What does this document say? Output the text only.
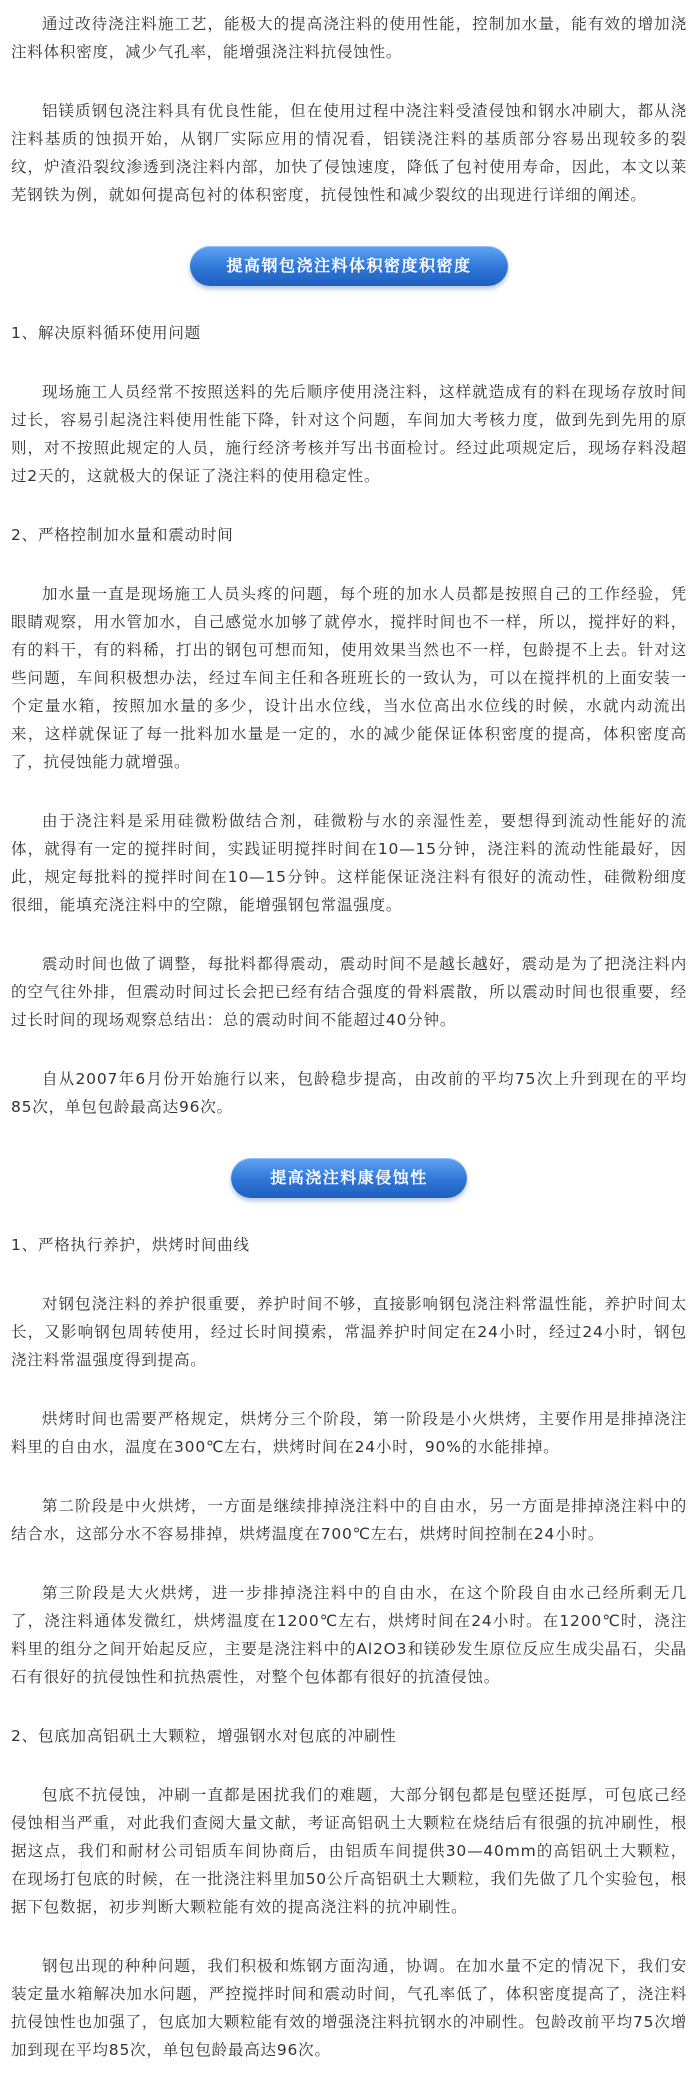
通过改待浇注料施工艺，能极大的提高浇注料的使用性能，控制加水量，能有效的增加浇注料体积密度，减少气孔率，能增强浇注料抗侵蚀性。

铝镁质钢包浇注料具有优良性能，但在使用过程中浇注料受渣侵蚀和钢水冲刷大，都从浇注料基质的蚀损开始，从钢厂实际应用的情况看，铝镁浇注料的基质部分容易出现较多的裂纹，炉渣沿裂纹渗透到浇注料内部，加快了侵蚀速度，降低了包衬使用寿命，因此，本文以莱芜钢铁为例，就如何提高包衬的体积密度，抗侵蚀性和减少裂纹的出现进行详细的阐述。

提高钢包浇注料体积密度积密度

1、解决原料循环使用问题

现场施工人员经常不按照送料的先后顺序使用浇注料，这样就造成有的料在现场存放时间过长，容易引起浇注料使用性能下降，针对这个问题，车间加大考核力度，做到先到先用的原则，对不按照此规定的人员，施行经济考核并写出书面检讨。经过此项规定后，现场存料没超过2天的，这就极大的保证了浇注料的使用稳定性。

2、严格控制加水量和震动时间

加水量一直是现场施工人员头疼的问题，每个班的加水人员都是按照自己的工作经验，凭眼睛观察，用水管加水，自己感觉水加够了就停水，搅拌时间也不一样，所以，搅拌好的料，有的料干，有的料稀，打出的钢包可想而知，使用效果当然也不一样，包龄提不上去。针对这些问题，车间积极想办法，经过车间主任和各班班长的一致认为，可以在搅拌机的上面安装一个定量水箱，按照加水量的多少，设计出水位线，当水位高出水位线的时候，水就内动流出来，这样就保证了每一批料加水量是一定的，水的减少能保证体积密度的提高，体积密度高了，抗侵蚀能力就增强。

由于浇注料是采用硅微粉做结合剂，硅微粉与水的亲湿性差，要想得到流动性能好的流体，就得有一定的搅拌时间，实践证明搅拌时间在10—15分钟，浇注料的流动性能最好，因此，规定每批料的搅拌时间在10—15分钟。这样能保证浇注料有很好的流动性，硅微粉细度很细，能填充浇注料中的空隙，能增强钢包常温强度。

震动时间也做了调整，每批料都得震动，震动时间不是越长越好，震动是为了把浇注料内的空气往外排，但震动时间过长会把已经有结合强度的骨料震散，所以震动时间也很重要，经过长时间的现场观察总结出：总的震动时间不能超过40分钟。

自从2007年6月份开始施行以来，包龄稳步提高，由改前的平均75次上升到现在的平均85次，单包包龄最高达96次。

提高浇注料康侵蚀性

1、严格执行养护，烘烤时间曲线

对钢包浇注料的养护很重要，养护时间不够，直接影响钢包浇注料常温性能，养护时间太长，又影响钢包周转使用，经过长时间摸索，常温养护时间定在24小时，经过24小时，钢包浇注料常温强度得到提高。

烘烤时间也需要严格规定，烘烤分三个阶段，第一阶段是小火烘烤，主要作用是排掉浇注料里的自由水，温度在300℃左右，烘烤时间在24小时，90%的水能排掉。

第二阶段是中火烘烤，一方面是继续排掉浇注料中的自由水，另一方面是排掉浇注料中的结合水，这部分水不容易排掉，烘烤温度在700℃左右，烘烤时间控制在24小时。

第三阶段是大火烘烤，进一步排掉浇注料中的自由水，在这个阶段自由水己经所剩无几了，浇注料通体发微红，烘烤温度在1200℃左右，烘烤时间在24小时。在1200℃时，浇注料里的组分之间开始起反应，主要是浇注料中的Al2O3和镁砂发生原位反应生成尖晶石，尖晶石有很好的抗侵蚀性和抗热震性，对整个包体都有很好的抗渣侵蚀。

2、包底加高铝矾土大颗粒，增强钢水对包底的冲刷性

包底不抗侵蚀，冲刷一直都是困扰我们的难题，大部分钢包都是包壁还挺厚，可包底己经侵蚀相当严重，对此我们查阅大量文献，考证高铝矾土大颗粒在烧结后有很强的抗冲刷性，根据这点，我们和耐材公司铝质车间协商后，由铝质车间提供30—40mm的高铝矾土大颗粒，在现场打包底的时候，在一批浇注料里加50公斤高铝矾土大颗粒，我们先做了几个实验包，根据下包数据，初步判断大颗粒能有效的提高浇注料的抗冲刷性。

钢包出现的种种问题，我们积极和炼钢方面沟通，协调。在加水量不定的情况下，我们安装定量水箱解决加水问题，严控搅拌时间和震动时间，气孔率低了，体积密度提高了，浇注料抗侵蚀性也加强了，包底加大颗粒能有效的增强浇注料抗钢水的冲刷性。包龄改前平均75次增加到现在平均85次，单包包龄最高达96次。
